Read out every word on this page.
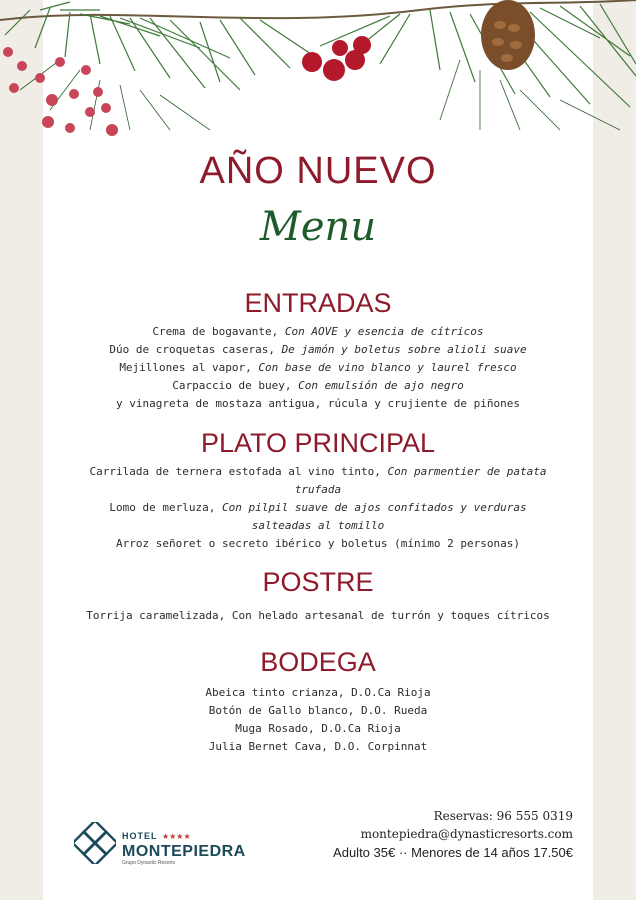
AÑO NUEVO
Menu
ENTRADAS
Crema de bogavante, Con AOVE y esencia de cítricos
Dúo de croquetas caseras, De jamón y boletus sobre alioli suave
Mejillones al vapor, Con base de vino blanco y laurel fresco
Carpaccio de buey, Con emulsión de ajo negro
y vinagreta de mostaza antigua, rúcula y crujiente de piñones
PLATO PRINCIPAL
Carrilada de ternera estofada al vino tinto, Con parmentier de patata trufada
Lomo de merluza, Con pilpil suave de ajos confitados y verduras salteadas al tomillo
Arroz señoret o secreto ibérico y boletus (mínimo 2 personas)
POSTRE
Torrija caramelizada, Con helado artesanal de turrón y toques cítricos
BODEGA
Abeica tinto crianza, D.O.Ca Rioja
Botón de Gallo blanco, D.O. Rueda
Muga Rosado, D.O.Ca Rioja
Julia Bernet Cava, D.O. Corpinnat
HOTEL ★★★★
MONTEPIEDRA
Grupo Dynastic Resorts
Reservas: 96 555 0319
montepiedra@dynasticresorts.com
Adulto 35€ ·· Menores de 14 años 17.50€
